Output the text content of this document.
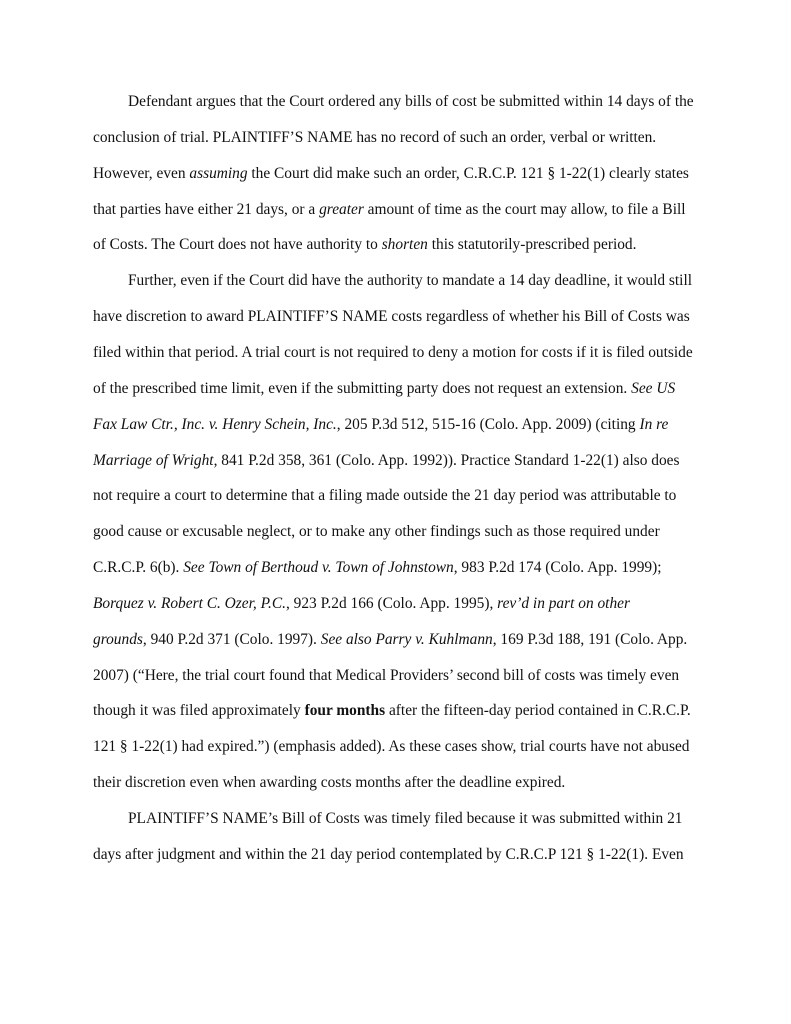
Defendant argues that the Court ordered any bills of cost be submitted within 14 days of the
conclusion of trial. PLAINTIFF’S NAME has no record of such an order, verbal or written.
However, even assuming the Court did make such an order, C.R.C.P. 121 § 1-22(1) clearly states
that parties have either 21 days, or a greater amount of time as the court may allow, to file a Bill
of Costs. The Court does not have authority to shorten this statutorily-prescribed period.
Further, even if the Court did have the authority to mandate a 14 day deadline, it would still
have discretion to award PLAINTIFF’S NAME costs regardless of whether his Bill of Costs was
filed within that period. A trial court is not required to deny a motion for costs if it is filed outside
of the prescribed time limit, even if the submitting party does not request an extension. See US
Fax Law Ctr., Inc. v. Henry Schein, Inc., 205 P.3d 512, 515-16 (Colo. App. 2009) (citing In re
Marriage of Wright, 841 P.2d 358, 361 (Colo. App. 1992)). Practice Standard 1-22(1) also does
not require a court to determine that a filing made outside the 21 day period was attributable to
good cause or excusable neglect, or to make any other findings such as those required under
C.R.C.P. 6(b). See Town of Berthoud v. Town of Johnstown, 983 P.2d 174 (Colo. App. 1999);
Borquez v. Robert C. Ozer, P.C., 923 P.2d 166 (Colo. App. 1995), rev’d in part on other
grounds, 940 P.2d 371 (Colo. 1997). See also Parry v. Kuhlmann, 169 P.3d 188, 191 (Colo. App.
2007) (“Here, the trial court found that Medical Providers’ second bill of costs was timely even
though it was filed approximately four months after the fifteen-day period contained in C.R.C.P.
121 § 1-22(1) had expired.”) (emphasis added). As these cases show, trial courts have not abused
their discretion even when awarding costs months after the deadline expired.
PLAINTIFF’S NAME’s Bill of Costs was timely filed because it was submitted within 21
days after judgment and within the 21 day period contemplated by C.R.C.P 121 § 1-22(1). Even
